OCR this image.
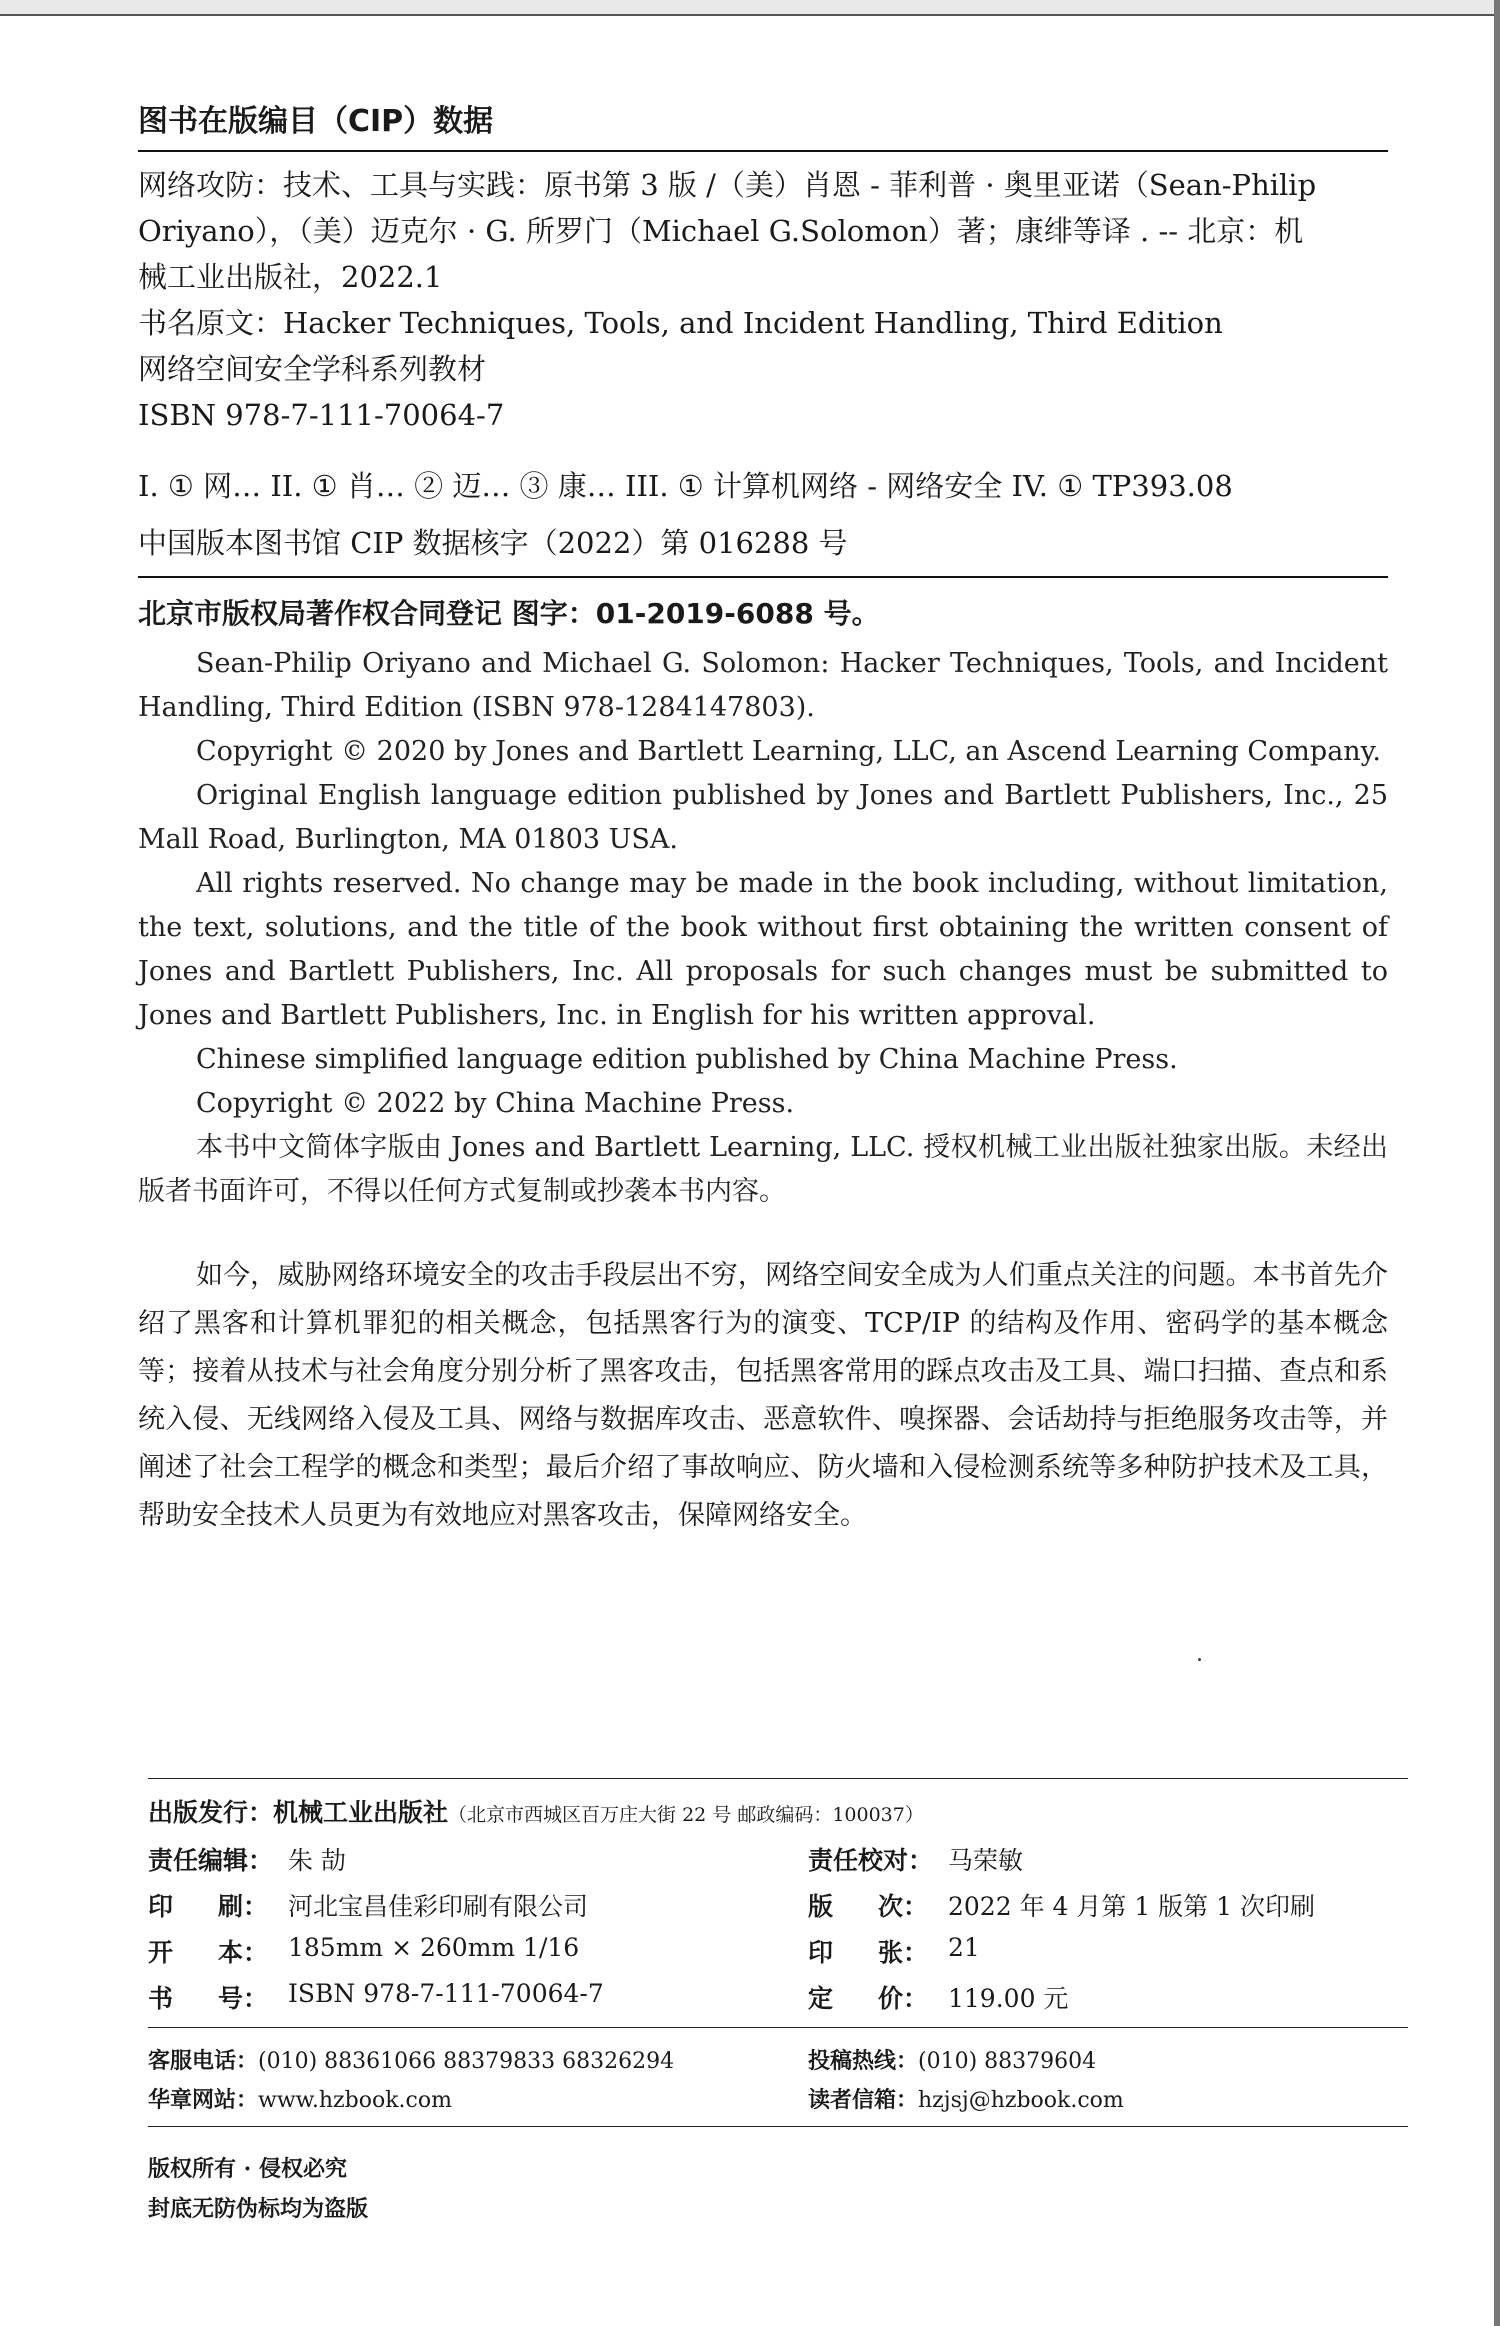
图书在版编目（CIP）数据

网络攻防：技术、工具与实践：原书第 3 版 /（美）肖恩 - 菲利普 · 奥里亚诺（Sean-Philip

Oriyano），（美）迈克尔 · G. 所罗门（Michael G.Solomon）著；康绯等译 . -- 北京：机

械工业出版社，2022.1

书名原文：Hacker Techniques, Tools, and Incident Handling, Third Edition

网络空间安全学科系列教材

ISBN 978-7-111-70064-7

I. ① 网… II. ① 肖… ② 迈… ③ 康… III. ① 计算机网络 - 网络安全 IV. ① TP393.08

中国版本图书馆 CIP 数据核字（2022）第 016288 号

北京市版权局著作权合同登记 图字：01-2019-6088 号。

Sean-Philip Oriyano and Michael G. Solomon: Hacker Techniques, Tools, and Incident Handling, Third Edition (ISBN 978-1284147803).

Copyright © 2020 by Jones and Bartlett Learning, LLC, an Ascend Learning Company.

Original English language edition published by Jones and Bartlett Publishers, Inc., 25 Mall Road, Burlington, MA 01803 USA.

All rights reserved. No change may be made in the book including, without limitation, the text, solutions, and the title of the book without first obtaining the written consent of Jones and Bartlett Publishers, Inc. All proposals for such changes must be submitted to Jones and Bartlett Publishers, Inc. in English for his written approval.

Chinese simplified language edition published by China Machine Press.

Copyright © 2022 by China Machine Press.

本书中文简体字版由 Jones and Bartlett Learning, LLC. 授权机械工业出版社独家出版。未经出版者书面许可，不得以任何方式复制或抄袭本书内容。

如今，威胁网络环境安全的攻击手段层出不穷，网络空间安全成为人们重点关注的问题。本书首先介绍了黑客和计算机罪犯的相关概念，包括黑客行为的演变、TCP/IP 的结构及作用、密码学的基本概念等；接着从技术与社会角度分别分析了黑客攻击，包括黑客常用的踩点攻击及工具、端口扫描、查点和系统入侵、无线网络入侵及工具、网络与数据库攻击、恶意软件、嗅探器、会话劫持与拒绝服务攻击等，并阐述了社会工程学的概念和类型；最后介绍了事故响应、防火墙和入侵检测系统等多种防护技术及工具，帮助安全技术人员更为有效地应对黑客攻击，保障网络安全。

出版发行：机械工业出版社（北京市西城区百万庄大街 22 号 邮政编码：100037）

责任编辑： 朱 劼	责任校对： 马荣敏
印 刷： 河北宝昌佳彩印刷有限公司	版 次： 2022 年 4 月第 1 版第 1 次印刷
开 本： 185mm × 260mm 1/16	印 张： 21
书 号： ISBN 978-7-111-70064-7	定 价： 119.00 元
客服电话：(010) 88361066 88379833 68326294	投稿热线：(010) 88379604
华章网站：www.hzbook.com	读者信箱：hzjsj@hzbook.com
版权所有 · 侵权必究
封底无防伪标均为盗版
